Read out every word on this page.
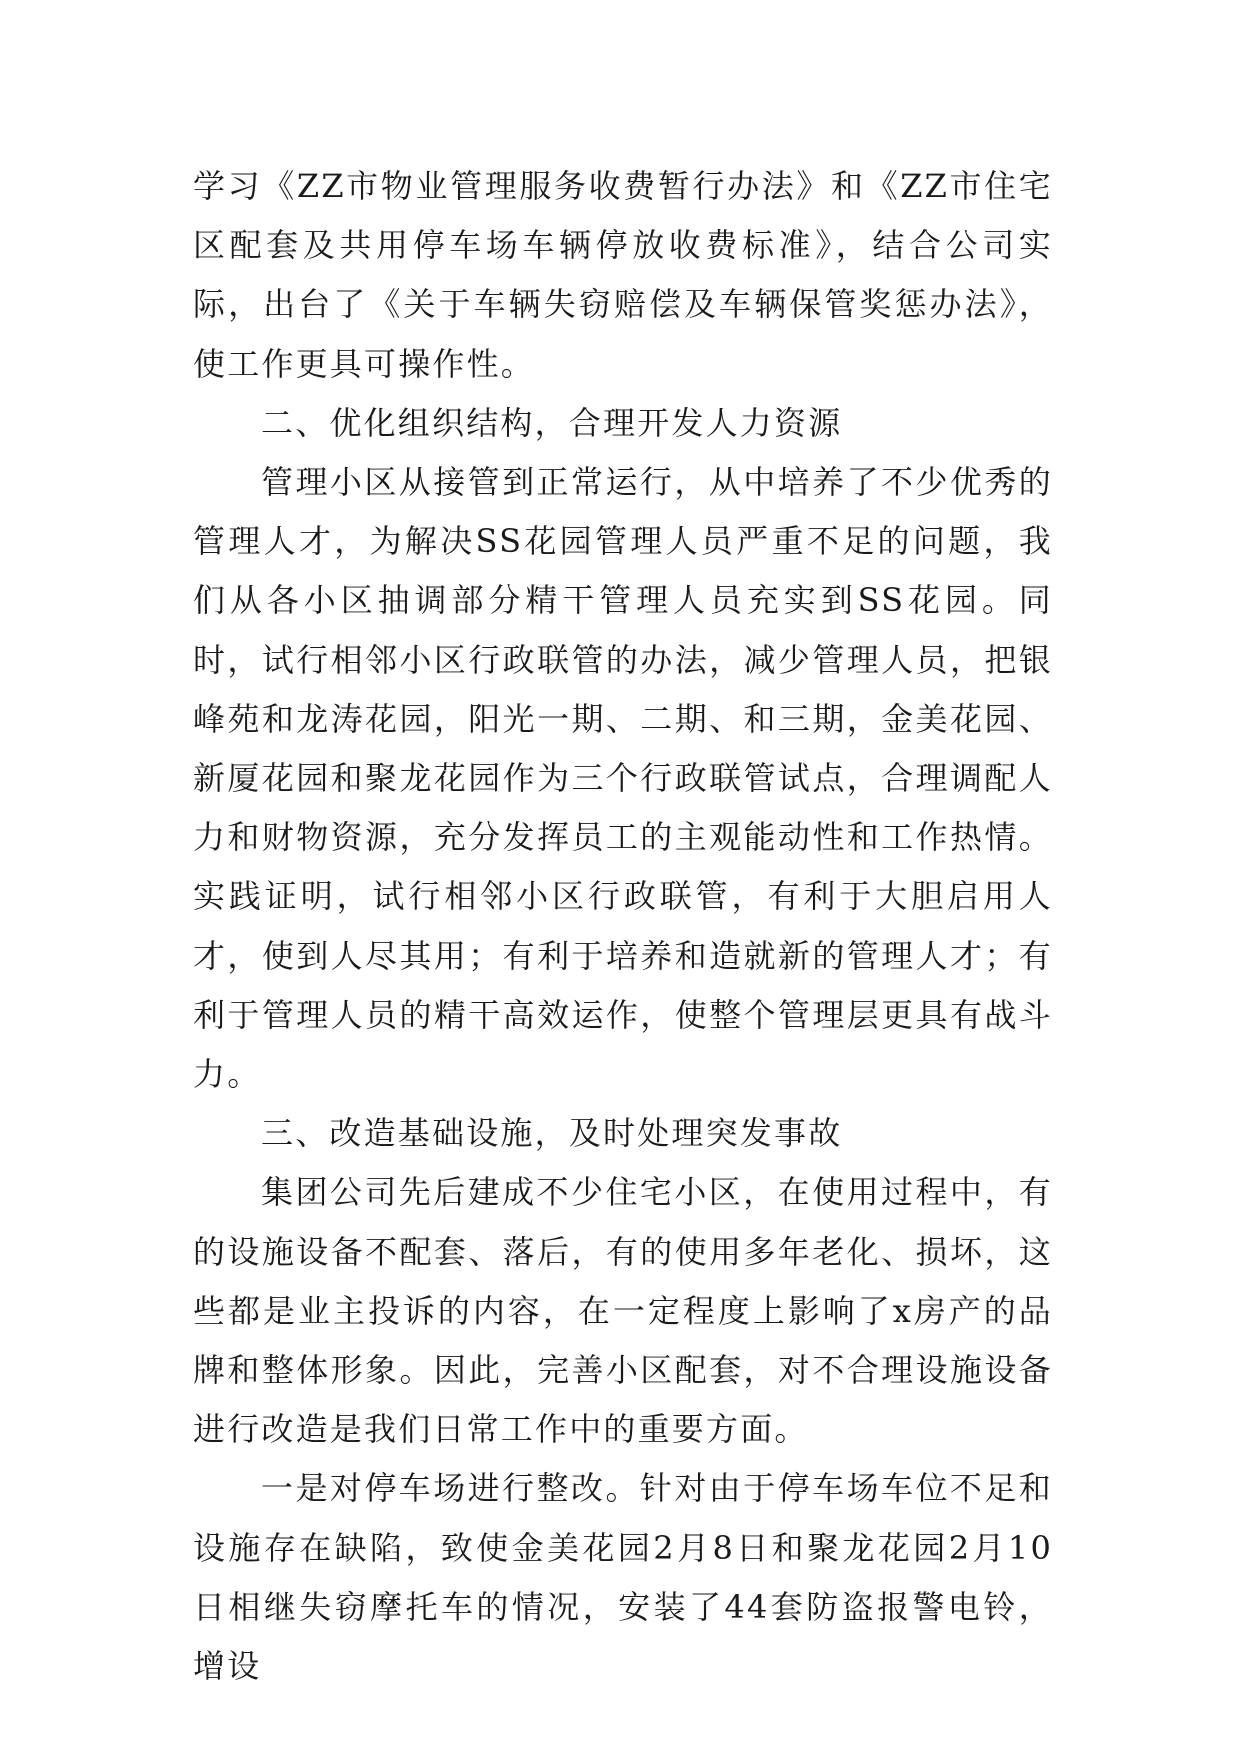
学习《ZZ市物业管理服务收费暂行办法》和《ZZ市住宅区配套及共用停车场车辆停放收费标准》，结合公司实际，出台了《关于车辆失窃赔偿及车辆保管奖惩办法》，使工作更具可操作性。

二、优化组织结构，合理开发人力资源

管理小区从接管到正常运行，从中培养了不少优秀的管理人才，为解决SS花园管理人员严重不足的问题，我们从各小区抽调部分精干管理人员充实到SS花园。同时，试行相邻小区行政联管的办法，减少管理人员，把银峰苑和龙涛花园，阳光一期、二期、和三期，金美花园、新厦花园和聚龙花园作为三个行政联管试点，合理调配人力和财物资源，充分发挥员工的主观能动性和工作热情。实践证明，试行相邻小区行政联管，有利于大胆启用人才，使到人尽其用；有利于培养和造就新的管理人才；有利于管理人员的精干高效运作，使整个管理层更具有战斗力。

三、改造基础设施，及时处理突发事故

集团公司先后建成不少住宅小区，在使用过程中，有的设施设备不配套、落后，有的使用多年老化、损坏，这些都是业主投诉的内容，在一定程度上影响了x房产的品牌和整体形象。因此，完善小区配套，对不合理设施设备进行改造是我们日常工作中的重要方面。

一是对停车场进行整改。针对由于停车场车位不足和设施存在缺陷，致使金美花园2月8日和聚龙花园2月10日相继失窃摩托车的情况，安装了44套防盗报警电铃，增设
